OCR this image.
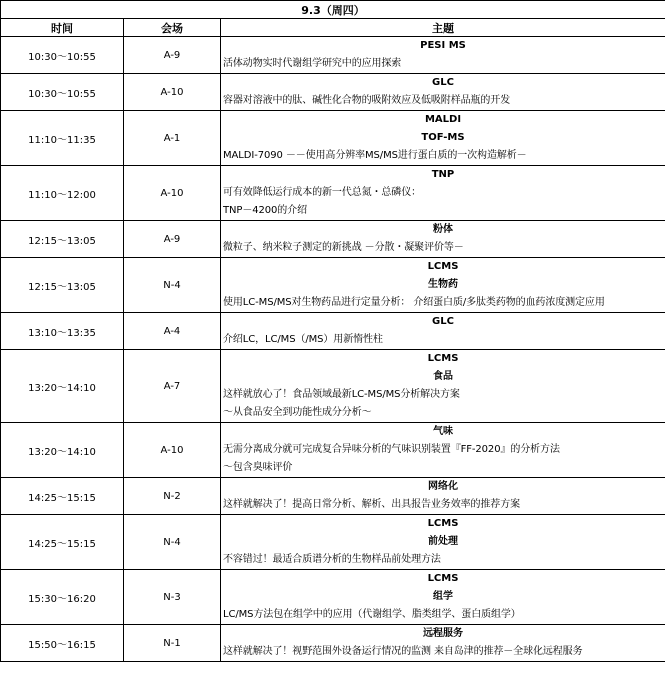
9.3（周四）		
时间	会场	主题
10:30～10:55	A-9	PESI MS
活体动物实时代谢组学研究中的应用探索

10:30～10:55	A-10	GLC
容器对溶液中的肽、碱性化合物的吸附效应及低吸附样品瓶的开发

11:10～11:35	A-1	MALDI
TOF-MS
MALDI-7090 －－使用高分辨率MS/MS进行蛋白质的一次构造解析－

11:10～12:00	A-10	TNP
可有效降低运行成本的新一代总氮・总磷仪：
TNP－4200的介绍

12:15～13:05	A-9	粉体
微粒子、纳米粒子测定的新挑战 －分散・凝聚评价等－

12:15～13:05	N-4	LCMS
生物药
使用LC-MS/MS对生物药品进行定量分析： 介绍蛋白质/多肽类药物的血药浓度测定应用

13:10～13:35	A-4	GLC
介绍LC，LC/MS（/MS）用新惰性柱

13:20～14:10	A-7	LCMS
食品
这样就放心了！食品领域最新LC-MS/MS分析解决方案
～从食品安全到功能性成分分析～

13:20～14:10	A-10	气味
无需分离成分就可完成复合异味分析的气味识别装置『FF-2020』的分析方法
～包含臭味评价

14:25～15:15	N-2	网络化
这样就解决了！提高日常分析、解析、出具报告业务效率的推荐方案

14:25～15:15	N-4	LCMS
前处理
不容错过！最适合质谱分析的生物样品前处理方法

15:30～16:20	N-3	LCMS
组学
LC/MS方法包在组学中的应用（代谢组学、脂类组学、蛋白质组学）

15:50～16:15	N-1	远程服务
这样就解决了！视野范围外设备运行情况的监测 来自岛津的推荐－全球化远程服务
